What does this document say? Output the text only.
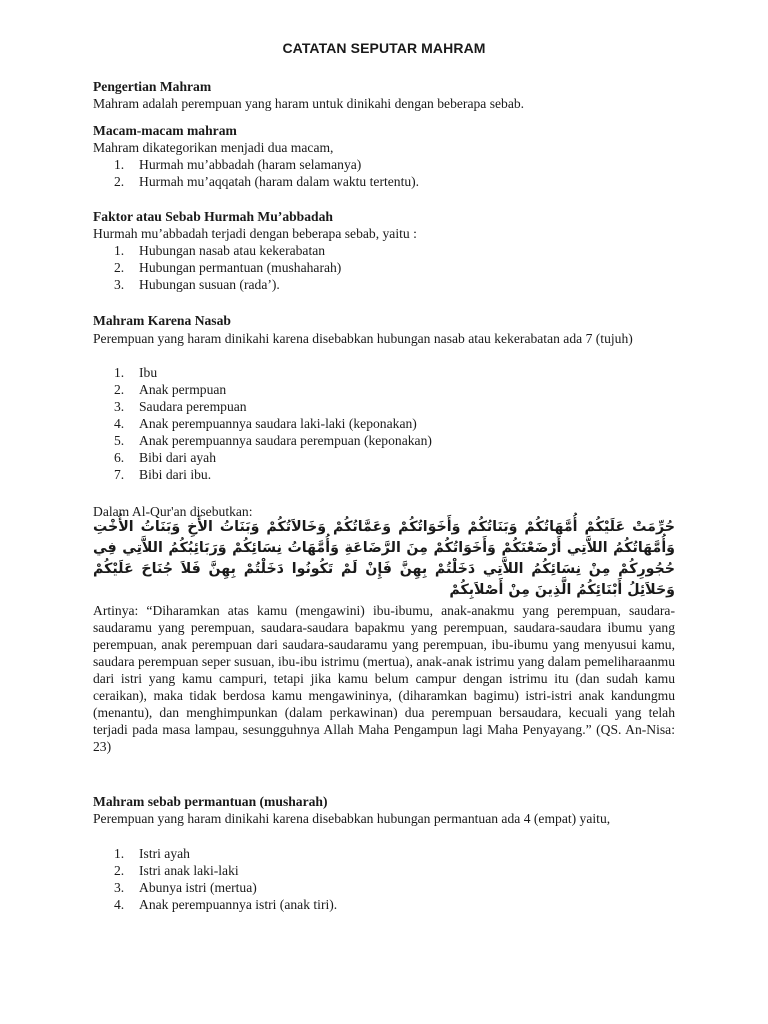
CATATAN SEPUTAR MAHRAM
Pengertian Mahram
Mahram adalah perempuan yang haram untuk dinikahi dengan beberapa sebab.
Macam-macam mahram
Mahram dikategorikan menjadi dua macam,
1. Hurmah mu’abbadah (haram selamanya)
2. Hurmah mu’aqqatah (haram dalam waktu tertentu).
Faktor atau Sebab Hurmah Mu’abbadah
Hurmah mu’abbadah terjadi dengan beberapa sebab, yaitu :
1. Hubungan nasab atau kekerabatan
2. Hubungan permantuan (mushaharah)
3. Hubungan susuan (rada’).
Mahram Karena Nasab
Perempuan yang haram dinikahi karena disebabkan hubungan nasab atau kekerabatan ada 7 (tujuh)
1. Ibu
2. Anak permpuan
3. Saudara perempuan
4. Anak perempuannya saudara laki-laki (keponakan)
5. Anak perempuannya saudara perempuan (keponakan)
6. Bibi dari ayah
7. Bibi dari ibu.
Dalam Al-Qur'an disebutkan:
حُرِّمَتْ عَلَيْكُمْ أُمَّهَاتُكُمْ وَبَنَاتُكُمْ وَأَخَوَاتُكُمْ وَعَمَّاتُكُمْ وَخَالاَتُكُمْ وَبَنَاتُ الأَخِ وَبَنَاتُ الأُخْتِ وَأُمَّهَاتُكُمُ اللاَّتِي أَرْضَعْنَكُمْ وَأَخَوَاتُكُمْ مِنَ الرَّضَاعَةِ وَأُمَّهَاتُ نِسَائِكُمْ وَرَبَائِبُكُمُ اللاَّتِي فِي حُجُورِكُمْ مِنْ نِسَائِكُمُ اللاَّتِي دَخَلْتُمْ بِهِنَّ فَإِنْ لَمْ تَكُونُوا دَخَلْتُمْ بِهِنَّ فَلاَ جُنَاحَ عَلَيْكُمْ وَحَلاَئِلُ أَبْنَائِكُمُ الَّذِينَ مِنْ أَصْلاَبِكُمْ
Artinya: “Diharamkan atas kamu (mengawini) ibu-ibumu, anak-anakmu yang perempuan, saudara-saudaramu yang perempuan, saudara-saudara bapakmu yang perempuan, saudara-saudara ibumu yang perempuan, anak perempuan dari saudara-saudaramu yang perempuan, ibu-ibumu yang menyusui kamu, saudara perempuan seper susuan, ibu-ibu istrimu (mertua), anak-anak istrimu yang dalam pemeliharaanmu dari istri yang kamu campuri, tetapi jika kamu belum campur dengan istrimu itu (dan sudah kamu ceraikan), maka tidak berdosa kamu mengawininya, (diharamkan bagimu) istri-istri anak kandungmu (menantu), dan menghimpunkan (dalam perkawinan) dua perempuan bersaudara, kecuali yang telah terjadi pada masa lampau, sesungguhnya Allah Maha Pengampun lagi Maha Penyayang.” (QS. An-Nisa: 23)
Mahram sebab permantuan (musharah)
Perempuan yang haram dinikahi karena disebabkan hubungan permantuan ada 4 (empat) yaitu,
1. Istri ayah
2. Istri anak laki-laki
3. Abunya istri (mertua)
4. Anak perempuannya istri (anak tiri).
